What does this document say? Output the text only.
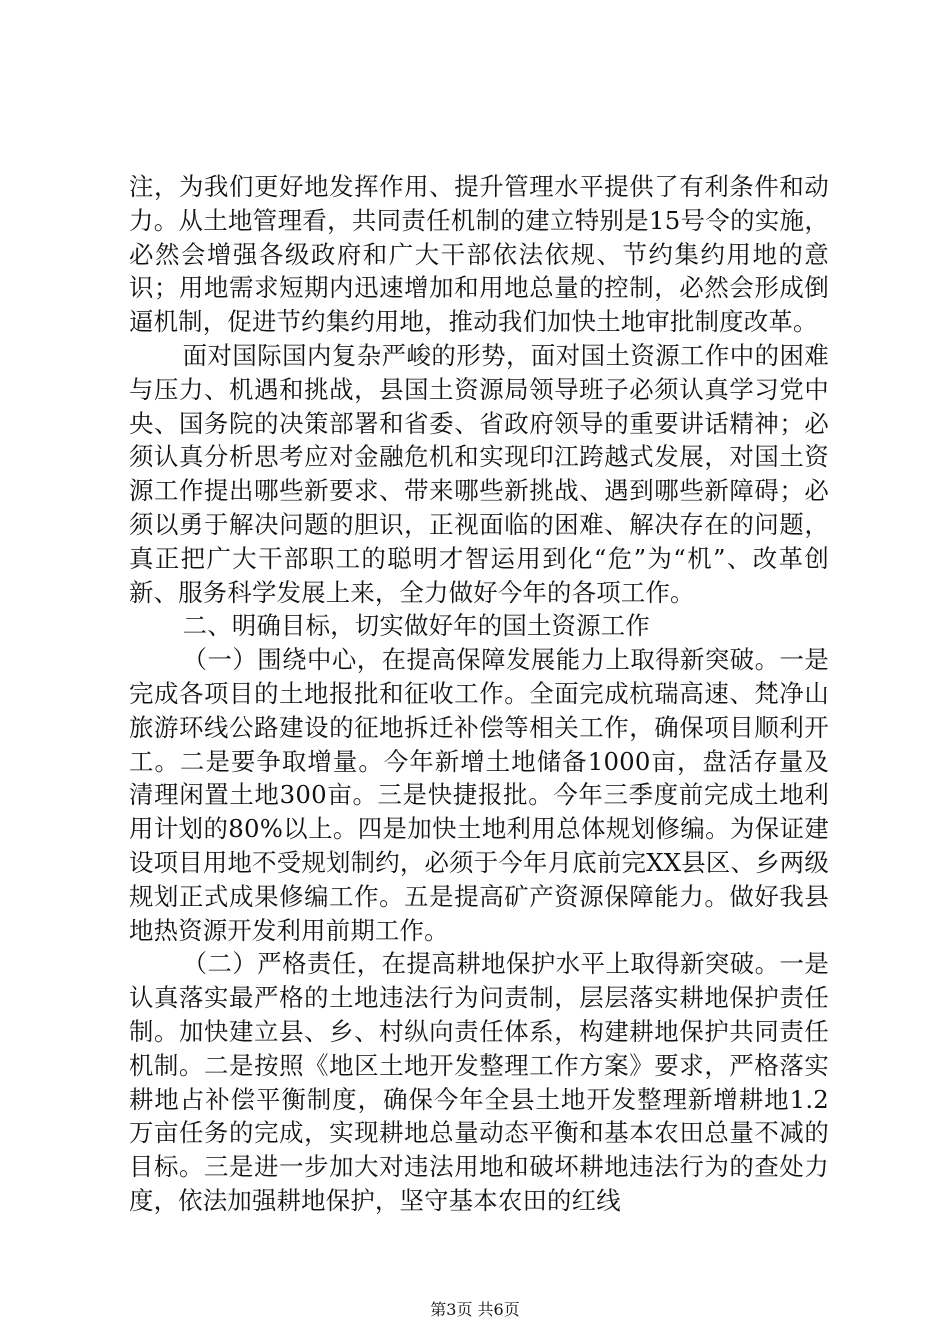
注，为我们更好地发挥作用、提升管理水平提供了有利条件和动力。从土地管理看，共同责任机制的建立特别是15号令的实施，必然会增强各级政府和广大干部依法依规、节约集约用地的意识；用地需求短期内迅速增加和用地总量的控制，必然会形成倒逼机制，促进节约集约用地，推动我们加快土地审批制度改革。

面对国际国内复杂严峻的形势，面对国土资源工作中的困难与压力、机遇和挑战，县国土资源局领导班子必须认真学习党中央、国务院的决策部署和省委、省政府领导的重要讲话精神；必须认真分析思考应对金融危机和实现印江跨越式发展，对国土资源工作提出哪些新要求、带来哪些新挑战、遇到哪些新障碍；必须以勇于解决问题的胆识，正视面临的困难、解决存在的问题，真正把广大干部职工的聪明才智运用到化“危”为“机”、改革创新、服务科学发展上来，全力做好今年的各项工作。

二、明确目标，切实做好年的国土资源工作

（一）围绕中心，在提高保障发展能力上取得新突破。一是完成各项目的土地报批和征收工作。全面完成杭瑞高速、梵净山旅游环线公路建设的征地拆迁补偿等相关工作，确保项目顺利开工。二是要争取增量。今年新增土地储备1000亩，盘活存量及清理闲置土地300亩。三是快捷报批。今年三季度前完成土地利用计划的80%以上。四是加快土地利用总体规划修编。为保证建设项目用地不受规划制约，必须于今年月底前完XX县区、乡两级规划正式成果修编工作。五是提高矿产资源保障能力。做好我县地热资源开发利用前期工作。

（二）严格责任，在提高耕地保护水平上取得新突破。一是认真落实最严格的土地违法行为问责制，层层落实耕地保护责任制。加快建立县、乡、村纵向责任体系，构建耕地保护共同责任机制。二是按照《地区土地开发整理工作方案》要求，严格落实耕地占补偿平衡制度，确保今年全县土地开发整理新增耕地1.2万亩任务的完成，实现耕地总量动态平衡和基本农田总量不减的目标。三是进一步加大对违法用地和破坏耕地违法行为的查处力度，依法加强耕地保护，坚守基本农田的红线

第3页 共6页
